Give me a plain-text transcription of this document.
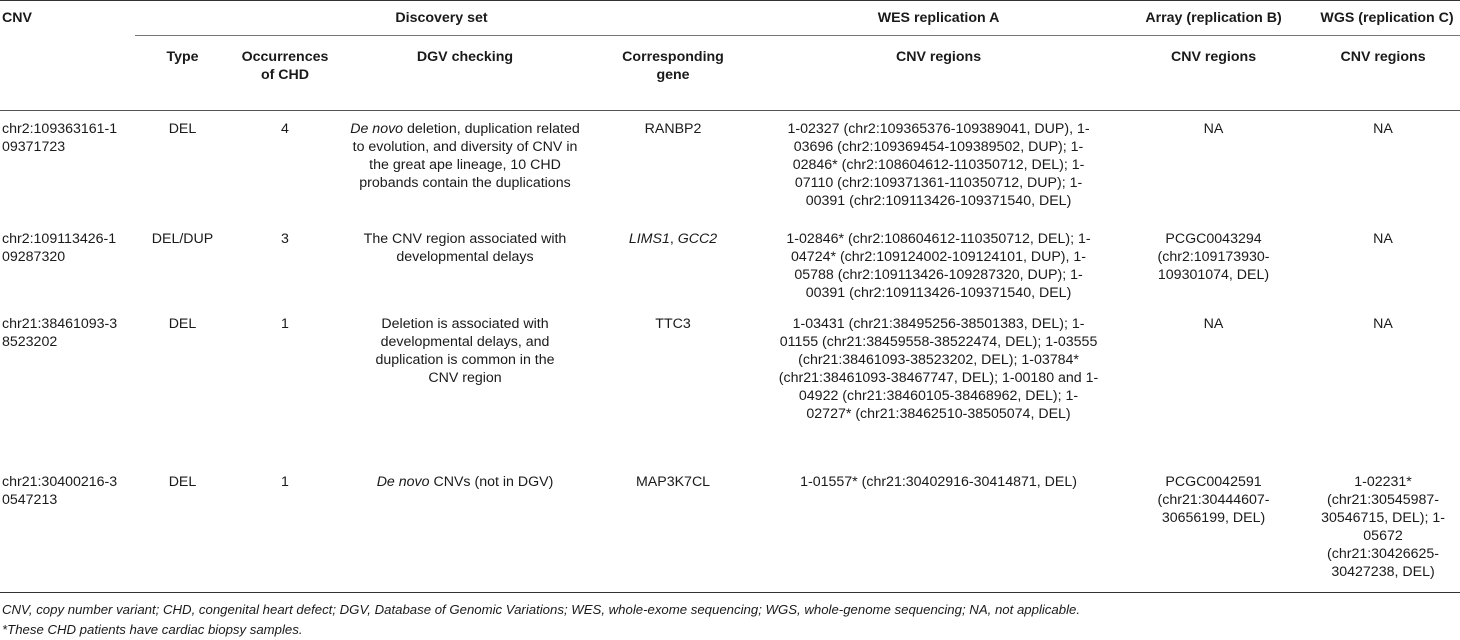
CNV	Discovery set				WES replication A	Array (replication B)	WGS (replication C)
	Type	Occurrences of CHD	DGV checking	Corresponding gene	CNV regions	CNV regions	CNV regions
chr2:109363161-109371723	DEL	4	De novo deletion, duplication related to evolution, and diversity of CNV in the great ape lineage, 10 CHD probands contain the duplications	RANBP2	1-02327 (chr2:109365376-109389041, DUP), 1-03696 (chr2:109369454-109389502, DUP); 1-02846* (chr2:108604612-110350712, DEL); 1-07110 (chr2:109371361-110350712, DUP); 1-00391 (chr2:109113426-109371540, DEL)	NA	NA
chr2:109113426-109287320	DEL/DUP	3	The CNV region associated with developmental delays	LIMS1, GCC2	1-02846* (chr2:108604612-110350712, DEL); 1-04724* (chr2:109124002-109124101, DUP), 1-05788 (chr2:109113426-109287320, DUP); 1-00391 (chr2:109113426-109371540, DEL)	PCGC0043294 (chr2:109173930-109301074, DEL)	NA
chr21:38461093-38523202	DEL	1	Deletion is associated with developmental delays, and duplication is common in the CNV region	TTC3	1-03431 (chr21:38495256-38501383, DEL); 1-01155 (chr21:38459558-38522474, DEL); 1-03555 (chr21:38461093-38523202, DEL); 1-03784* (chr21:38461093-38467747, DEL); 1-00180 and 1-04922 (chr21:38460105-38468962, DEL); 1-02727* (chr21:38462510-38505074, DEL)	NA	NA
chr21:30400216-30547213	DEL	1	De novo CNVs (not in DGV)	MAP3K7CL	1-01557* (chr21:30402916-30414871, DEL)	PCGC0042591 (chr21:30444607-30656199, DEL)	1-02231* (chr21:30545987-30546715, DEL); 1-05672 (chr21:30426625-30427238, DEL)
CNV, copy number variant; CHD, congenital heart defect; DGV, Database of Genomic Variations; WES, whole-exome sequencing; WGS, whole-genome sequencing; NA, not applicable.
*These CHD patients have cardiac biopsy samples.
